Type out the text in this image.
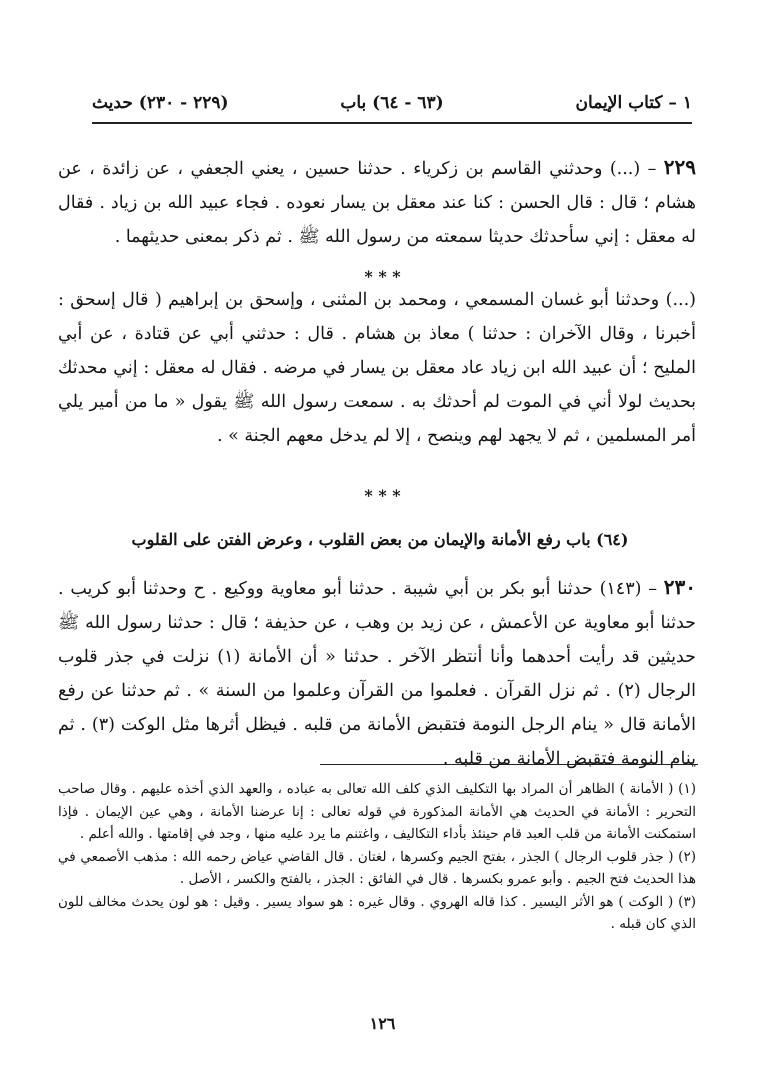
١ – كتاب الإيمان
(٦٣ - ٦٤) باب
(٢٢٩ - ٢٣٠) حديث
٢٢٩ – (...) وحدثني القاسم بن زكرياء . حدثنا حسين ، يعني الجعفي ، عن زائدة ، عن هشام ؛ قال : قال الحسن : كنا عند معقل بن يسار نعوده . فجاء عبيد الله بن زياد . فقال له معقل : إني سأحدثك حديثا سمعته من رسول الله ﷺ . ثم ذكر بمعنى حديثهما .
* * *
(...) وحدثنا أبو غسان المسمعي ، ومحمد بن المثنى ، وإسحق بن إبراهيم ( قال إسحق : أخبرنا ، وقال الآخران : حدثنا ) معاذ بن هشام . قال : حدثني أبي عن قتادة ، عن أبي المليح ؛ أن عبيد الله ابن زياد عاد معقل بن يسار في مرضه . فقال له معقل : إني محدثك بحديث لولا أني في الموت لم أحدثك به . سمعت رسول الله ﷺ يقول « ما من أمير يلي أمر المسلمين ، ثم لا يجهد لهم وينصح ، إلا لم يدخل معهم الجنة » .
* * *
(٦٤) باب رفع الأمانة والإيمان من بعض القلوب ، وعرض الفتن على القلوب
٢٣٠ – (١٤٣) حدثنا أبو بكر بن أبي شيبة . حدثنا أبو معاوية ووكيع . ح وحدثنا أبو كريب . حدثنا أبو معاوية عن الأعمش ، عن زيد بن وهب ، عن حذيفة ؛ قال : حدثنا رسول الله ﷺ حديثين قد رأيت أحدهما وأنا أنتظر الآخر . حدثنا « أن الأمانة (١) نزلت في جذر قلوب الرجال (٢) . ثم نزل القرآن . فعلموا من القرآن وعلموا من السنة » . ثم حدثنا عن رفع الأمانة قال « ينام الرجل النومة فتقبض الأمانة من قلبه . فيظل أثرها مثل الوكت (٣) . ثم ينام النومة فتقبض الأمانة من قلبه .
(١) ( الأمانة ) الظاهر أن المراد بها التكليف الذي كلف الله تعالى به عباده ، والعهد الذي أخذه عليهم . وقال صاحب التحرير : الأمانة في الحديث هي الأمانة المذكورة في قوله تعالى : إنا عرضنا الأمانة ، وهي عين الإيمان . فإذا استمكنت الأمانة من قلب العبد قام حينئذ بأداء التكاليف ، واغتنم ما يرد عليه منها ، وجد في إقامتها . والله أعلم .
(٢) ( جذر قلوب الرجال ) الجذر ، بفتح الجيم وكسرها ، لغتان . قال القاضي عياض رحمه الله : مذهب الأصمعي في هذا الحديث فتح الجيم . وأبو عمرو بكسرها . قال في الفائق : الجذر ، بالفتح والكسر ، الأصل .
(٣) ( الوكت ) هو الأثر اليسير . كذا قاله الهروي . وقال غيره : هو سواد يسير . وقيل : هو لون يحدث مخالف للون الذي كان قبله .
١٢٦
